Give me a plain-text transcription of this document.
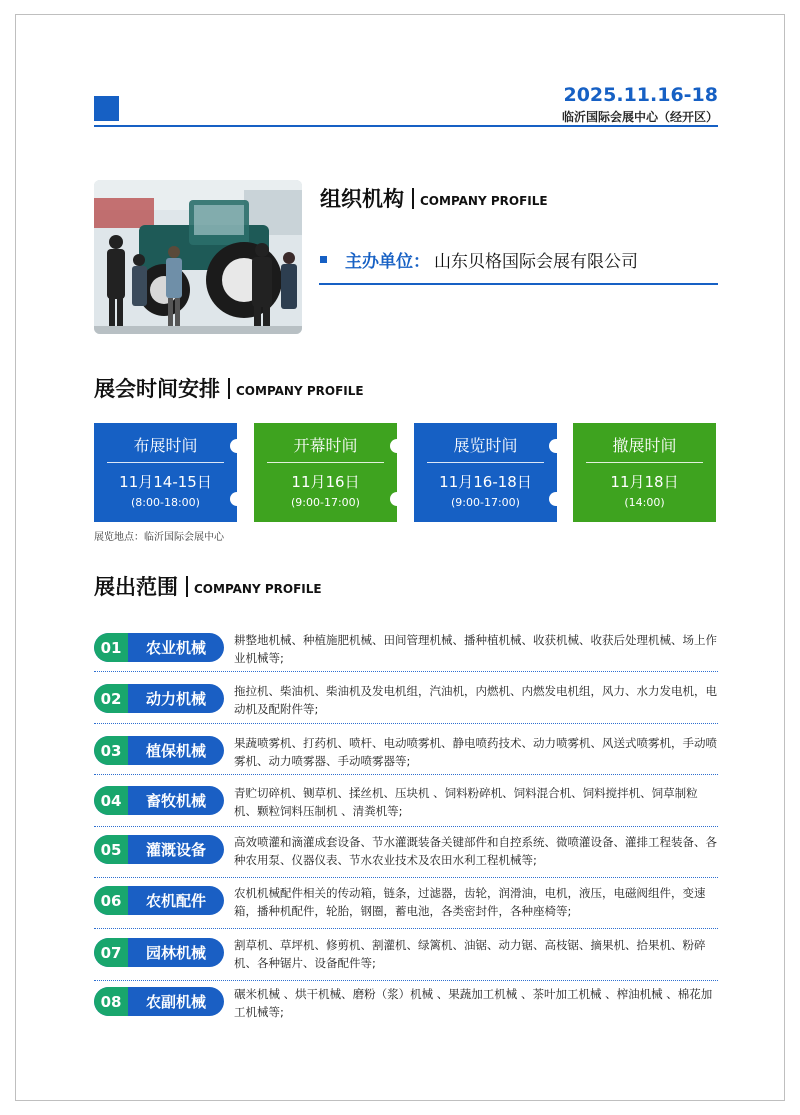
2025.11.16-18
临沂国际会展中心（经开区）
组织机构 COMPANY PROFILE
主办单位： 山东贝格国际会展有限公司
展会时间安排 COMPANY PROFILE
布展时间
11月14-15日
(8:00-18:00)
开幕时间
11月16日
(9:00-17:00)
展览时间
11月16-18日
(9:00-17:00)
撤展时间
11月18日
(14:00)
展览地点：临沂国际会展中心
展出范围 COMPANY PROFILE
01	农业机械	耕整地机械、种植施肥机械、田间管理机械、播种植机械、收获机械、收获后处理机械、场上作业机械等;
02	动力机械	拖拉机、柴油机、柴油机及发电机组，汽油机，内燃机、内燃发电机组，风力、水力发电机，电动机及配附件等;
03	植保机械	果蔬喷雾机、打药机、喷杆、电动喷雾机、静电喷药技术、动力喷雾机、风送式喷雾机，手动喷雾机、动力喷雾器、手动喷雾器等;
04	畜牧机械	青贮切碎机、铡草机、揉丝机、压块机 、饲料粉碎机、饲料混合机、饲料搅拌机、饲草制粒机、颗粒饲料压制机 、清粪机等;
05	灌溉设备	高效喷灌和滴灌成套设备、节水灌溉装备关键部件和自控系统、微喷灌设备、灌排工程装备、各种农用泵、仪器仪表、节水农业技术及农田水利工程机械等;
06	农机配件	农机机械配件相关的传动箱，链条，过滤器，齿轮，润滑油，电机，液压，电磁阀组件，变速箱，播种机配件，轮胎，钢圈，蓄电池，各类密封件，各种座椅等;
07	园林机械	割草机、草坪机、修剪机、割灌机、绿篱机、油锯、动力锯、高枝锯、摘果机、拾果机、粉碎机、各种锯片、设备配件等;
08	农副机械	碾米机械 、烘干机械、磨粉（浆）机械 、果蔬加工机械 、茶叶加工机械 、榨油机械 、棉花加工机械等;
